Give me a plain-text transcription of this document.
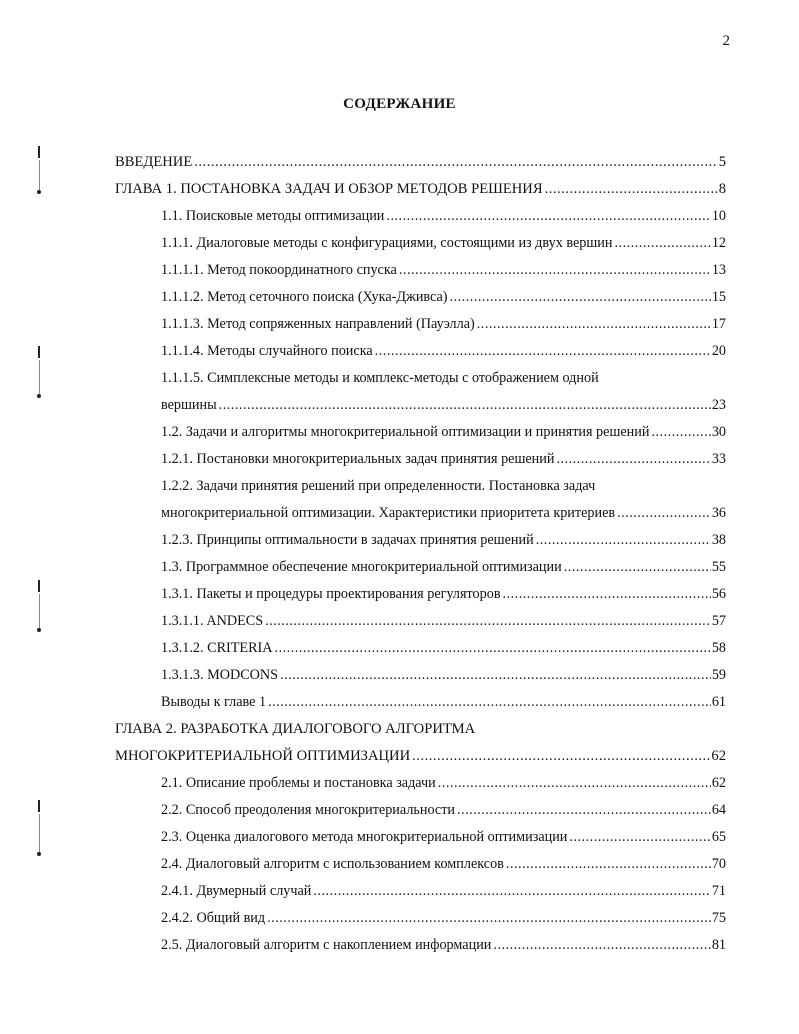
2
СОДЕРЖАНИЕ
ВВЕДЕНИЕ .....	5
ГЛАВА 1. ПОСТАНОВКА ЗАДАЧ И ОБЗОР МЕТОДОВ РЕШЕНИЯ .....	8
1.1. Поисковые методы оптимизации .....	10
1.1.1. Диалоговые методы с конфигурациями, состоящими из двух вершин .....	12
1.1.1.1. Метод покоординатного спуска .....	13
1.1.1.2. Метод сеточного поиска (Хука-Дживса) .....	15
1.1.1.3. Метод сопряженных направлений (Пауэлла) .....	17
1.1.1.4. Методы случайного поиска .....	20
1.1.1.5. Симплексные методы и комплекс-методы с отображением одной
вершины .....	23
1.2. Задачи и алгоритмы многокритериальной оптимизации и принятия решений .....	30
1.2.1. Постановки многокритериальных задач принятия решений .....	33
1.2.2. Задачи принятия решений при определенности. Постановка задач
многокритериальной оптимизации. Характеристики приоритета критериев .....	36
1.2.3. Принципы оптимальности в задачах принятия решений .....	38
1.3. Программное обеспечение многокритериальной оптимизации .....	55
1.3.1. Пакеты и процедуры проектирования регуляторов .....	56
1.3.1.1. ANDECS .....	57
1.3.1.2. CRITERIA .....	58
1.3.1.3. MODCONS .....	59
Выводы к главе 1 .....	61
ГЛАВА 2. РАЗРАБОТКА ДИАЛОГОВОГО АЛГОРИТМА
МНОГОКРИТЕРИАЛЬНОЙ ОПТИМИЗАЦИИ .....	62
2.1. Описание проблемы и постановка задачи .....	62
2.2. Способ преодоления многокритериальности .....	64
2.3. Оценка диалогового метода многокритериальной оптимизации .....	65
2.4. Диалоговый алгоритм с использованием комплексов .....	70
2.4.1. Двумерный случай .....	71
2.4.2. Общий вид .....	75
2.5. Диалоговый алгоритм с накоплением информации .....	81
